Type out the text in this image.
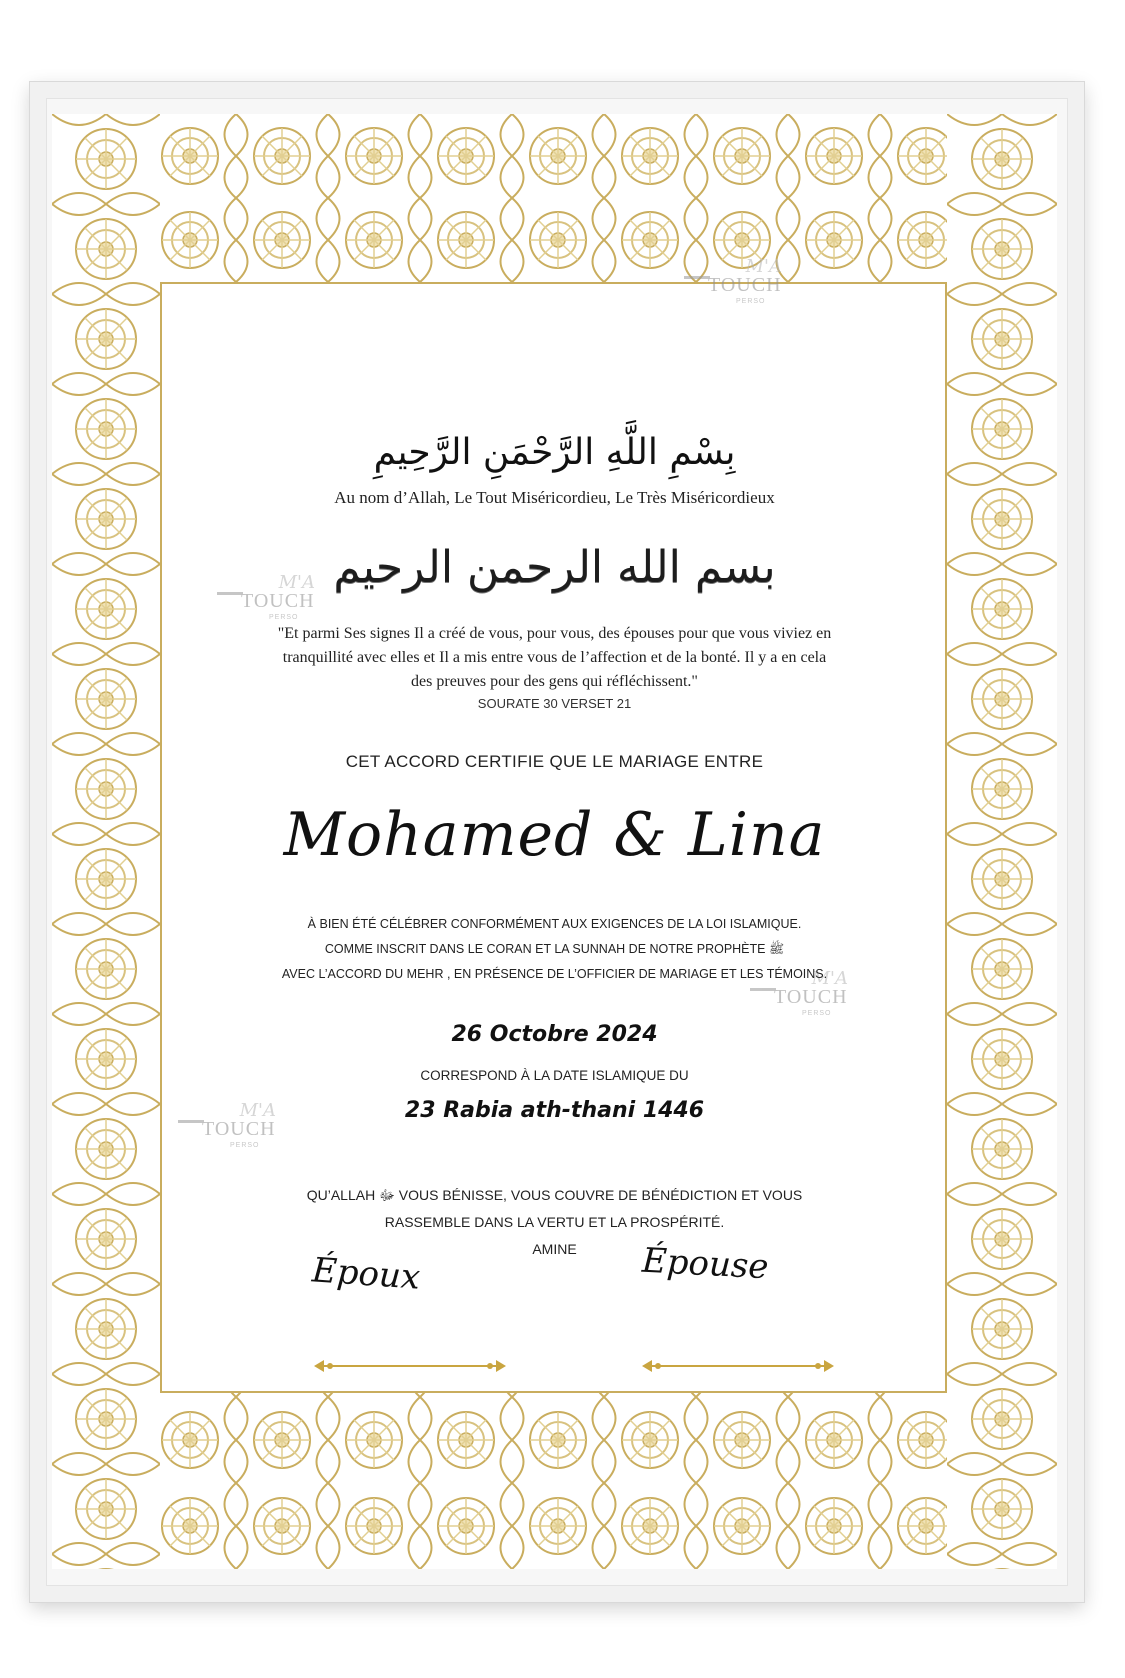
M'A
TOUCH
PERSO
M'A
TOUCH
PERSO
M'A
TOUCH
PERSO
M'A
TOUCH
PERSO
بِسْمِ اللَّهِ الرَّحْمَنِ الرَّحِيمِ
Au nom d’Allah, Le Tout Miséricordieu, Le Très Miséricordieux
بسم الله الرحمن الرحيم
"Et parmi Ses signes Il a créé de vous, pour vous, des épouses pour que vous viviez en tranquillité avec elles et Il a mis entre vous de l’affection et de la bonté. Il y a en cela des preuves pour des gens qui réfléchissent."
SOURATE 30 VERSET 21
CET ACCORD CERTIFIE QUE LE MARIAGE ENTRE
Mohamed & Lina
À BIEN ÉTÉ CÉLÉBRER CONFORMÉMENT AUX EXIGENCES DE LA LOI ISLAMIQUE.
COMME INSCRIT DANS LE CORAN ET LA SUNNAH DE NOTRE PROPHÈTE ﷺ
AVEC L’ACCORD DU MEHR , EN PRÉSENCE DE L’OFFICIER DE MARIAGE ET LES TÉMOINS.
26 Octobre 2024
CORRESPOND À LA DATE ISLAMIQUE DU
23 Rabia ath-thani 1446
QU’ALLAH ﷻ VOUS BÉNISSE, VOUS COUVRE DE BÉNÉDICTION ET VOUS
RASSEMBLE DANS LA VERTU ET LA PROSPÉRITÉ.
AMINE
Époux	Épouse
